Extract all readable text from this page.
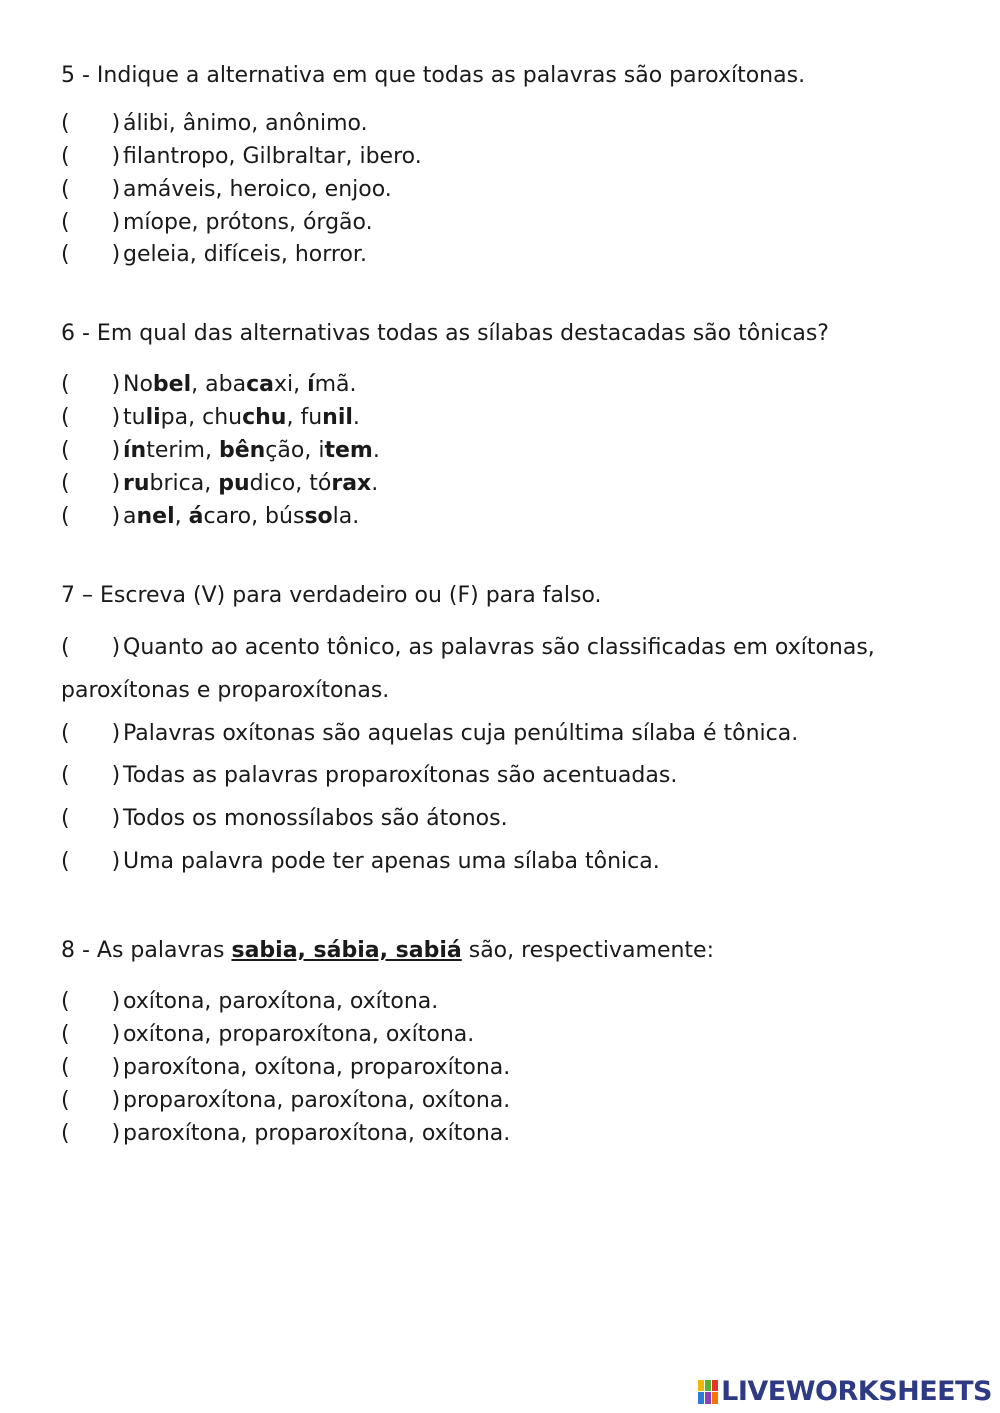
5 - Indique a alternativa em que todas as palavras são paroxítonas.
( ) álibi, ânimo, anônimo.
( ) filantropo, Gilbraltar, ibero.
( ) amáveis, heroico, enjoo.
( ) míope, prótons, órgão.
( ) geleia, difíceis, horror.
6 - Em qual das alternativas todas as sílabas destacadas são tônicas?
( ) Nobel, abacaxi, ímã.
( ) tulipa, chuchu, funil.
( ) ínterim, bênção, item.
( ) rubrica, pudico, tórax.
( ) anel, ácaro, bússola.
7 – Escreva (V) para verdadeiro ou (F) para falso.
( ) Quanto ao acento tônico, as palavras são classificadas em oxítonas,
paroxítonas e proparoxítonas.
( ) Palavras oxítonas são aquelas cuja penúltima sílaba é tônica.
( ) Todas as palavras proparoxítonas são acentuadas.
( ) Todos os monossílabos são átonos.
( ) Uma palavra pode ter apenas uma sílaba tônica.
8 - As palavras sabia, sábia, sabiá são, respectivamente:
( ) oxítona, paroxítona, oxítona.
( ) oxítona, proparoxítona, oxítona.
( ) paroxítona, oxítona, proparoxítona.
( ) proparoxítona, paroxítona, oxítona.
( ) paroxítona, proparoxítona, oxítona.
LIVEWORKSHEETS
